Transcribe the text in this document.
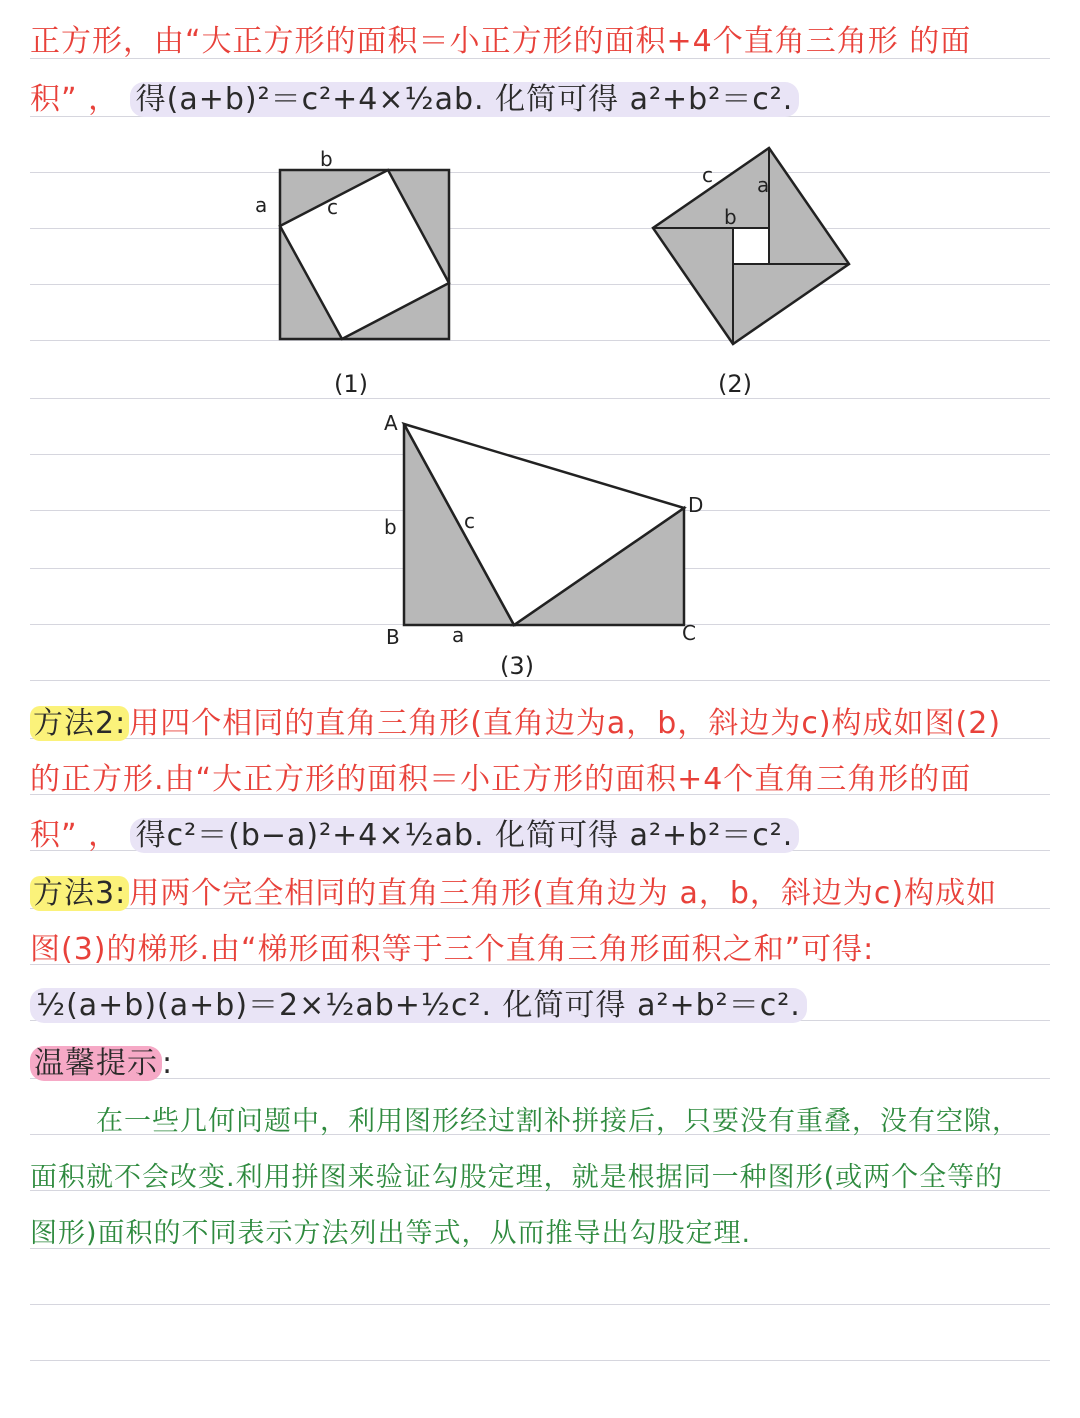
正方形，由“大正方形的面积＝小正方形的面积+4个直角三角形 的面
积” ， 得(a+b)²＝c²+4×½ab. 化简可得 a²+b²＝c².
b
a	c
(1)
c a
b
(2)
A
B	C
D
b	c
a
(3)
方法2: 用四个相同的直角三角形(直角边为a，b，斜边为c)构成如图(2)
的正方形.由“大正方形的面积＝小正方形的面积+4个直角三角形的面
积” ， 得c²＝(b−a)²+4×½ab. 化简可得 a²+b²＝c².
方法3: 用两个完全相同的直角三角形(直角边为 a，b，斜边为c)构成如
图(3)的梯形.由“梯形面积等于三个直角三角形面积之和”可得:
½(a+b)(a+b)＝2×½ab+½c². 化简可得 a²+b²＝c².
温馨提示 :
在一些几何问题中，利用图形经过割补拼接后，只要没有重叠，没有空隙，
面积就不会改变.利用拼图来验证勾股定理，就是根据同一种图形(或两个全等的
图形)面积的不同表示方法列出等式，从而推导出勾股定理.
